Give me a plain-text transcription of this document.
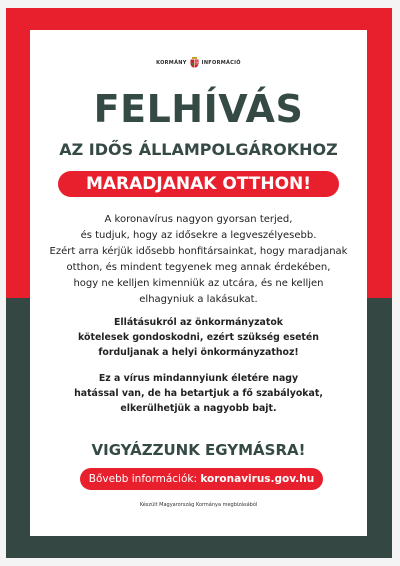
KORMÁNY	INFORMÁCIÓ
FELHÍVÁS
AZ IDŐS ÁLLAMPOLGÁROKHOZ
MARADJANAK OTTHON!
A koronavírus nagyon gyorsan terjed,
és tudjuk, hogy az idősekre a legveszélyesebb.
Ezért arra kérjük idősebb honfitársainkat, hogy maradjanak
otthon, és mindent tegyenek meg annak érdekében,
hogy ne kelljen kimenniük az utcára, és ne kelljen
elhagyniuk a lakásukat.
Ellátásukról az önkormányzatok
kötelesek gondoskodni, ezért szükség esetén
forduljanak a helyi önkormányzathoz!
Ez a vírus mindannyiunk életére nagy
hatással van, de ha betartjuk a fő szabályokat,
elkerülhetjük a nagyobb bajt.
VIGYÁZZUNK EGYMÁSRA!
Bővebb információk: koronavirus.gov.hu
Készült Magyarország Kormánya megbízásából
